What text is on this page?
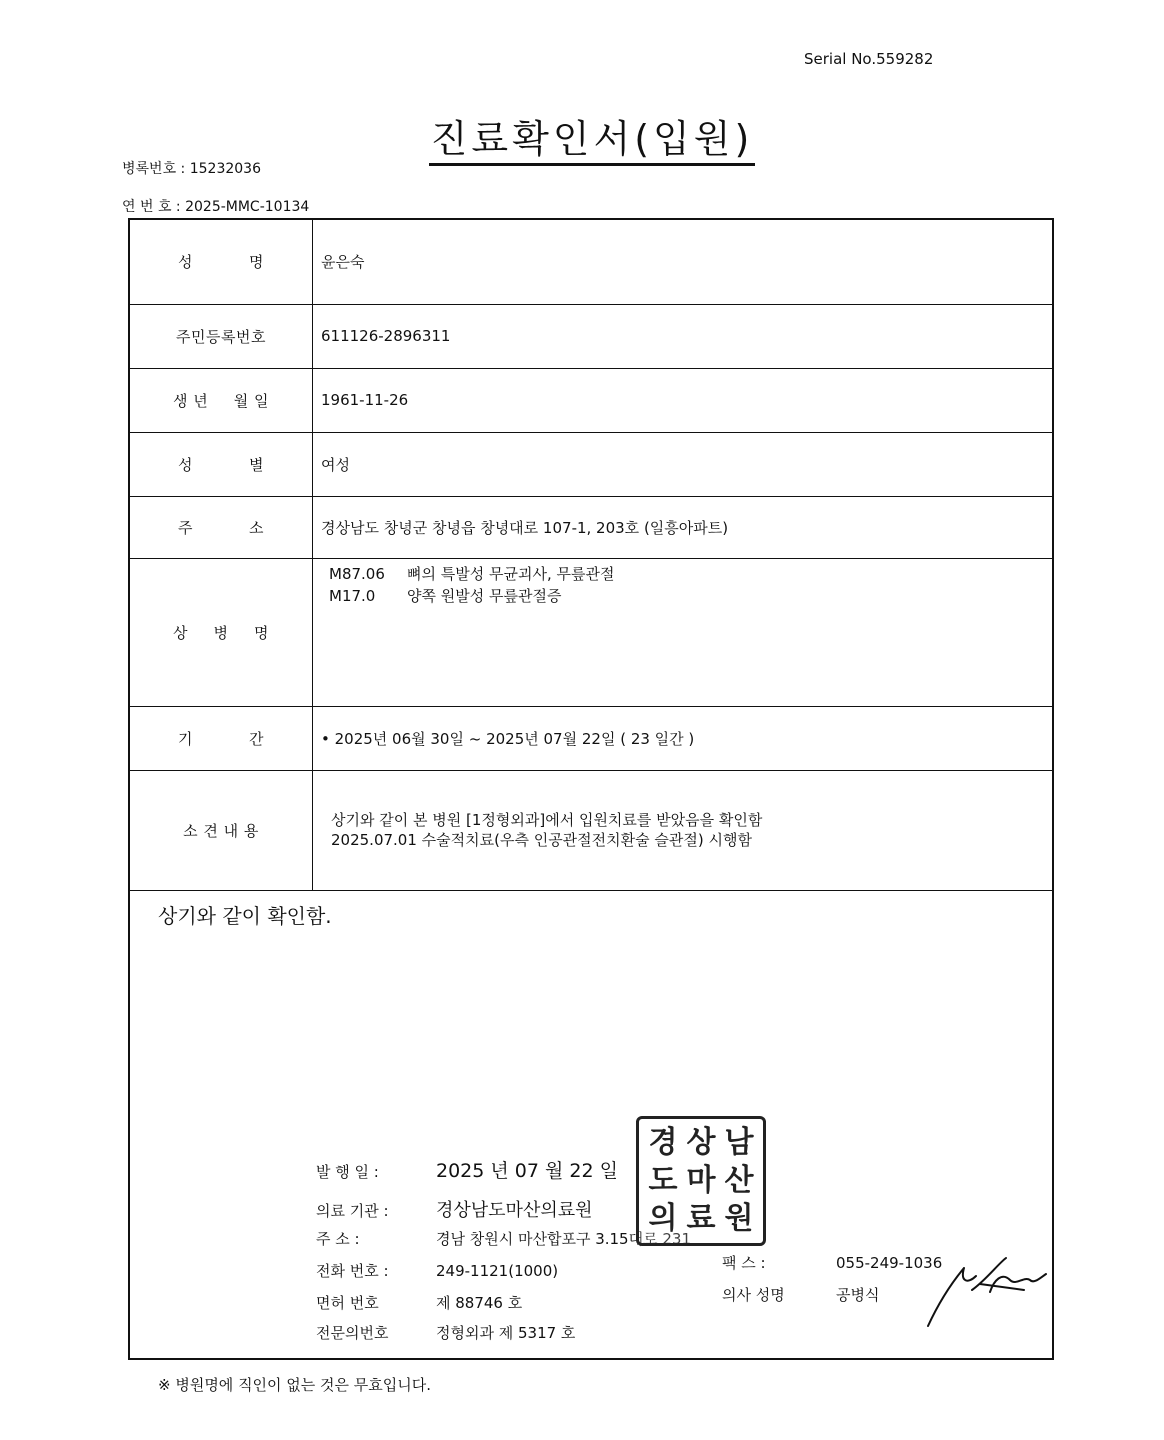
Serial No.559282
진료확인서(입원)
병록번호 : 15232036
연 번 호 : 2025-MMC-10134
성 명	윤은숙
주민등록번호	611126-2896311

생 년 월 일	1961-11-26

성 별	여성

주 소	경상남도 창녕군 창녕읍 창녕대로 107-1, 203호 (일흥아파트)

상 병 명	M87.06 뼈의 특발성 무균괴사, 무릎관절
M17.0 양쪽 원발성 무릎관절증

기 간	• 2025년 06월 30일 ~ 2025년 07월 22일 ( 23 일간 )
소 견 내 용	상기와 같이 본 병원 [1정형외과]에서 입원치료를 받았음을 확인함
2025.07.01 수술적치료(우측 인공관절전치환술 슬관절) 시행함
상기와 같이 확인함.
발 행 일 :	2025 년 07 월 22 일
의료 기관 :	경상남도마산의료원
주 소 :	경남 창원시 마산합포구 3.15대로 231
전화 번호 :	249-1121(1000)
면허 번호	제 88746 호
전문의번호	정형외과 제 5317 호
팩 스 :	055-249-1036
의사 성명	공병식
경 상 남
도 마 산
의 료 원
※ 병원명에 직인이 없는 것은 무효입니다.
